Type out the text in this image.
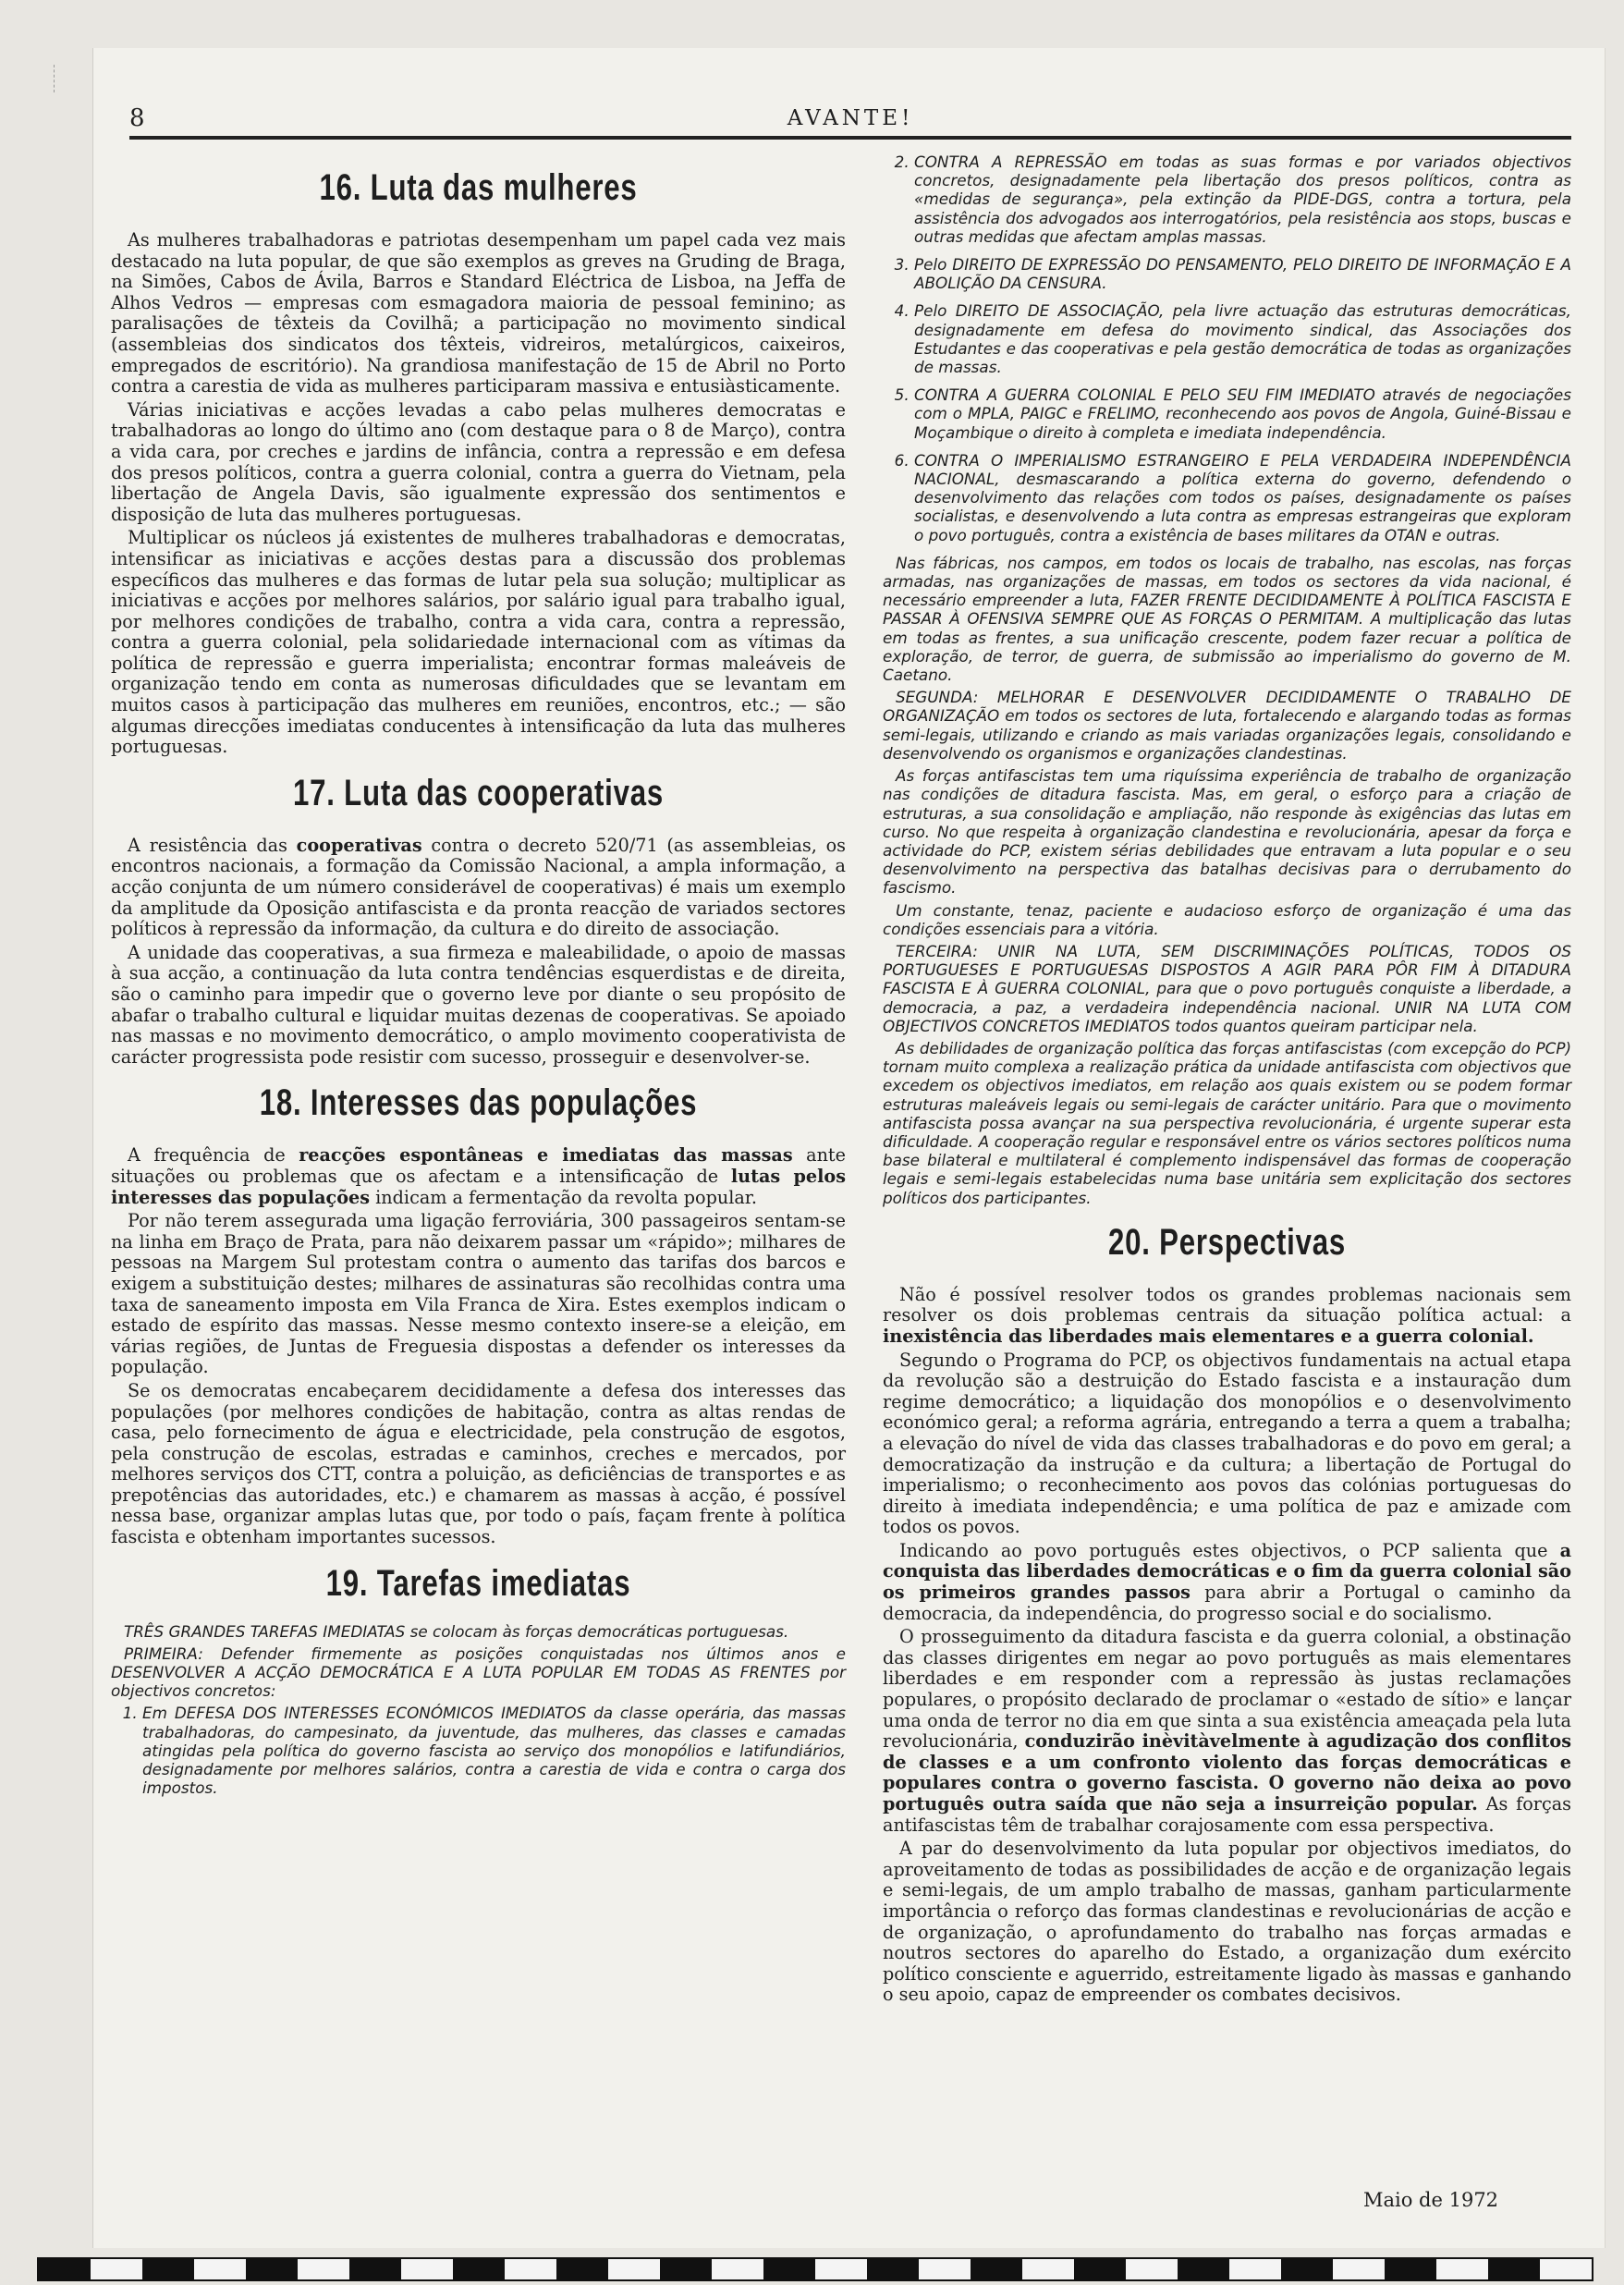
8	AVANTE!
16. Luta das mulheres

As mulheres trabalhadoras e patriotas desempenham um papel cada vez mais destacado na luta popular, de que são exemplos as greves na Gruding de Braga, na Simões, Cabos de Ávila, Barros e Standard Eléctrica de Lisboa, na Jeffa de Alhos Vedros — empresas com esmagadora maioria de pessoal feminino; as paralisações de têxteis da Covilhã; a participação no movimento sindical (assembleias dos sindicatos dos têxteis, vidreiros, metalúrgicos, caixeiros, empregados de escritório). Na grandiosa manifestação de 15 de Abril no Porto contra a carestia de vida as mulheres participaram massiva e entusiàsticamente.

Várias iniciativas e acções levadas a cabo pelas mulheres democratas e trabalhadoras ao longo do último ano (com destaque para o 8 de Março), contra a vida cara, por creches e jardins de infância, contra a repressão e em defesa dos presos políticos, contra a guerra colonial, contra a guerra do Vietnam, pela libertação de Angela Davis, são igualmente expressão dos sentimentos e disposição de luta das mulheres portuguesas.

Multiplicar os núcleos já existentes de mulheres trabalhadoras e democratas, intensificar as iniciativas e acções destas para a discussão dos problemas específicos das mulheres e das formas de lutar pela sua solução; multiplicar as iniciativas e acções por melhores salários, por salário igual para trabalho igual, por melhores condições de trabalho, contra a vida cara, contra a repressão, contra a guerra colonial, pela solidariedade internacional com as vítimas da política de repressão e guerra imperialista; encontrar formas maleáveis de organização tendo em conta as numerosas dificuldades que se levantam em muitos casos à participação das mulheres em reuniões, encontros, etc.; — são algumas direcções imediatas conducentes à intensificação da luta das mulheres portuguesas.

17. Luta das cooperativas

A resistência das cooperativas contra o decreto 520/71 (as assembleias, os encontros nacionais, a formação da Comissão Nacional, a ampla informação, a acção conjunta de um número considerável de cooperativas) é mais um exemplo da amplitude da Oposição antifascista e da pronta reacção de variados sectores políticos à repressão da informação, da cultura e do direito de associação.

A unidade das cooperativas, a sua firmeza e maleabilidade, o apoio de massas à sua acção, a continuação da luta contra tendências esquerdistas e de direita, são o caminho para impedir que o governo leve por diante o seu propósito de abafar o trabalho cultural e liquidar muitas dezenas de cooperativas. Se apoiado nas massas e no movimento democrático, o amplo movimento cooperativista de carácter progressista pode resistir com sucesso, prosseguir e desenvolver-se.

18. Interesses das populações

A frequência de reacções espontâneas e imediatas das massas ante situações ou problemas que os afectam e a intensificação de lutas pelos interesses das populações indicam a fermentação da revolta popular.

Por não terem assegurada uma ligação ferroviária, 300 passageiros sentam-se na linha em Braço de Prata, para não deixarem passar um «rápido»; milhares de pessoas na Margem Sul protestam contra o aumento das tarifas dos barcos e exigem a substituição destes; milhares de assinaturas são recolhidas contra uma taxa de saneamento imposta em Vila Franca de Xira. Estes exemplos indicam o estado de espírito das massas. Nesse mesmo contexto insere-se a eleição, em várias regiões, de Juntas de Freguesia dispostas a defender os interesses da população.

Se os democratas encabeçarem decididamente a defesa dos interesses das populações (por melhores condições de habitação, contra as altas rendas de casa, pelo fornecimento de água e electricidade, pela construção de esgotos, pela construção de escolas, estradas e caminhos, creches e mercados, por melhores serviços dos CTT, contra a poluição, as deficiências de transportes e as prepotências das autoridades, etc.) e chamarem as massas à acção, é possível nessa base, organizar amplas lutas que, por todo o país, façam frente à política fascista e obtenham importantes sucessos.

19. Tarefas imediatas

TRÊS GRANDES TAREFAS IMEDIATAS se colocam às forças democráticas portuguesas.

PRIMEIRA: Defender firmemente as posições conquistadas nos últimos anos e DESENVOLVER A ACÇÃO DEMOCRÁTICA E A LUTA POPULAR EM TODAS AS FRENTES por objectivos concretos:

1. Em DEFESA DOS INTERESSES ECONÓMICOS IMEDIATOS da classe operária, das massas trabalhadoras, do campesinato, da juventude, das mulheres, das classes e camadas atingidas pela política do governo fascista ao serviço dos monopólios e latifundiários, designadamente por melhores salários, contra a carestia de vida e contra o carga dos impostos.
2. CONTRA A REPRESSÃO em todas as suas formas e por variados objectivos concretos, designadamente pela libertação dos presos políticos, contra as «medidas de segurança», pela extinção da PIDE-DGS, contra a tortura, pela assistência dos advogados aos interrogatórios, pela resistência aos stops, buscas e outras medidas que afectam amplas massas.
3. Pelo DIREITO DE EXPRESSÃO DO PENSAMENTO, PELO DIREITO DE INFORMAÇÃO E A ABOLIÇÃO DA CENSURA.
4. Pelo DIREITO DE ASSOCIAÇÃO, pela livre actuação das estruturas democráticas, designadamente em defesa do movimento sindical, das Associações dos Estudantes e das cooperativas e pela gestão democrática de todas as organizações de massas.
5. CONTRA A GUERRA COLONIAL E PELO SEU FIM IMEDIATO através de negociações com o MPLA, PAIGC e FRELIMO, reconhecendo aos povos de Angola, Guiné-Bissau e Moçambique o direito à completa e imediata independência.
6. CONTRA O IMPERIALISMO ESTRANGEIRO E PELA VERDADEIRA INDEPENDÊNCIA NACIONAL, desmascarando a política externa do governo, defendendo o desenvolvimento das relações com todos os países, designadamente os países socialistas, e desenvolvendo a luta contra as empresas estrangeiras que exploram o povo português, contra a existência de bases militares da OTAN e outras.

Nas fábricas, nos campos, em todos os locais de trabalho, nas escolas, nas forças armadas, nas organizações de massas, em todos os sectores da vida nacional, é necessário empreender a luta, FAZER FRENTE DECIDIDAMENTE À POLÍTICA FASCISTA E PASSAR À OFENSIVA SEMPRE QUE AS FORÇAS O PERMITAM. A multiplicação das lutas em todas as frentes, a sua unificação crescente, podem fazer recuar a política de exploração, de terror, de guerra, de submissão ao imperialismo do governo de M. Caetano.

SEGUNDA: MELHORAR E DESENVOLVER DECIDIDAMENTE O TRABALHO DE ORGANIZAÇÃO em todos os sectores de luta, fortalecendo e alargando todas as formas semi-legais, utilizando e criando as mais variadas organizações legais, consolidando e desenvolvendo os organismos e organizações clandestinas.

As forças antifascistas tem uma riquíssima experiência de trabalho de organização nas condições de ditadura fascista. Mas, em geral, o esforço para a criação de estruturas, a sua consolidação e ampliação, não responde às exigências das lutas em curso. No que respeita à organização clandestina e revolucionária, apesar da força e actividade do PCP, existem sérias debilidades que entravam a luta popular e o seu desenvolvimento na perspectiva das batalhas decisivas para o derrubamento do fascismo.

Um constante, tenaz, paciente e audacioso esforço de organização é uma das condições essenciais para a vitória.

TERCEIRA: UNIR NA LUTA, SEM DISCRIMINAÇÕES POLÍTICAS, TODOS OS PORTUGUESES E PORTUGUESAS DISPOSTOS A AGIR PARA PÔR FIM À DITADURA FASCISTA E À GUERRA COLONIAL, para que o povo português conquiste a liberdade, a democracia, a paz, a verdadeira independência nacional. UNIR NA LUTA COM OBJECTIVOS CONCRETOS IMEDIATOS todos quantos queiram participar nela.

As debilidades de organização política das forças antifascistas (com excepção do PCP) tornam muito complexa a realização prática da unidade antifascista com objectivos que excedem os objectivos imediatos, em relação aos quais existem ou se podem formar estruturas maleáveis legais ou semi-legais de carácter unitário. Para que o movimento antifascista possa avançar na sua perspectiva revolucionária, é urgente superar esta dificuldade. A cooperação regular e responsável entre os vários sectores políticos numa base bilateral e multilateral é complemento indispensável das formas de cooperação legais e semi-legais estabelecidas numa base unitária sem explicitação dos sectores políticos dos participantes.

20. Perspectivas

Não é possível resolver todos os grandes problemas nacionais sem resolver os dois problemas centrais da situação política actual: a inexistência das liberdades mais elementares e a guerra colonial.

Segundo o Programa do PCP, os objectivos fundamentais na actual etapa da revolução são a destruição do Estado fascista e a instauração dum regime democrático; a liquidação dos monopólios e o desenvolvimento económico geral; a reforma agrária, entregando a terra a quem a trabalha; a elevação do nível de vida das classes trabalhadoras e do povo em geral; a democratização da instrução e da cultura; a libertação de Portugal do imperialismo; o reconhecimento aos povos das colónias portuguesas do direito à imediata independência; e uma política de paz e amizade com todos os povos.

Indicando ao povo português estes objectivos, o PCP salienta que a conquista das liberdades democráticas e o fim da guerra colonial são os primeiros grandes passos para abrir a Portugal o caminho da democracia, da independência, do progresso social e do socialismo.

O prosseguimento da ditadura fascista e da guerra colonial, a obstinação das classes dirigentes em negar ao povo português as mais elementares liberdades e em responder com a repressão às justas reclamações populares, o propósito declarado de proclamar o «estado de sítio» e lançar uma onda de terror no dia em que sinta a sua existência ameaçada pela luta revolucionária, conduzirão inèvitàvelmente à agudização dos conflitos de classes e a um confronto violento das forças democráticas e populares contra o governo fascista. O governo não deixa ao povo português outra saída que não seja a insurreição popular. As forças antifascistas têm de trabalhar corajosamente com essa perspectiva.

A par do desenvolvimento da luta popular por objectivos imediatos, do aproveitamento de todas as possibilidades de acção e de organização legais e semi-legais, de um amplo trabalho de massas, ganham particularmente importância o reforço das formas clandestinas e revolucionárias de acção e de organização, o aprofundamento do trabalho nas forças armadas e noutros sectores do aparelho do Estado, a organização dum exército político consciente e aguerrido, estreitamente ligado às massas e ganhando o seu apoio, capaz de empreender os combates decisivos.

Maio de 1972
